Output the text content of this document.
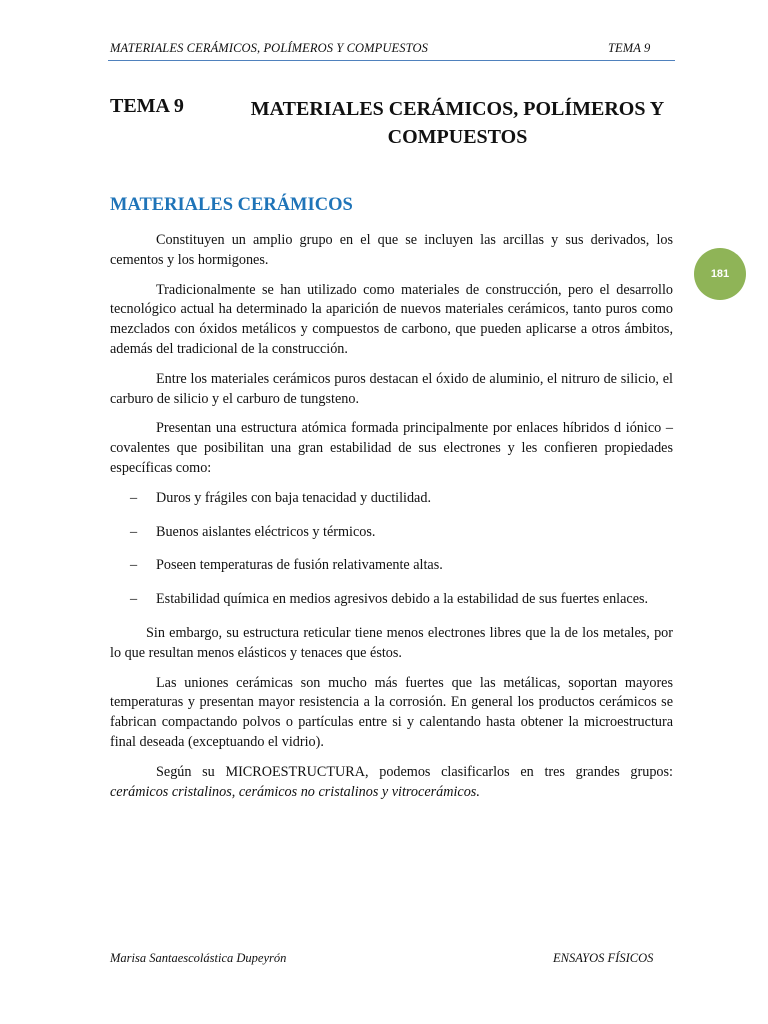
MATERIALES CERÁMICOS, POLÍMEROS Y COMPUESTOS	TEMA 9
TEMA 9	MATERIALES CERÁMICOS, POLÍMEROS Y COMPUESTOS
MATERIALES CERÁMICOS
181

Constituyen un amplio grupo en el que se incluyen las arcillas y sus derivados, los cementos y los hormigones.

Tradicionalmente se han utilizado como materiales de construcción, pero el desarrollo tecnológico actual ha determinado la aparición de nuevos materiales cerámicos, tanto puros como mezclados con óxidos metálicos y compuestos de carbono, que pueden aplicarse a otros ámbitos, además del tradicional de la construcción.

Entre los materiales cerámicos puros destacan el óxido de aluminio, el nitruro de silicio, el carburo de silicio y el carburo de tungsteno.

Presentan una estructura atómica formada principalmente por enlaces híbridos d iónico – covalentes que posibilitan una gran estabilidad de sus electrones y les confieren propiedades específicas como:

– Duros y frágiles con baja tenacidad y ductilidad.
– Buenos aislantes eléctricos y térmicos.
– Poseen temperaturas de fusión relativamente altas.
– Estabilidad química en medios agresivos debido a la estabilidad de sus fuertes enlaces.

Sin embargo, su estructura reticular tiene menos electrones libres que la de los metales, por lo que resultan menos elásticos y tenaces que éstos.

Las uniones cerámicas son mucho más fuertes que las metálicas, soportan mayores temperaturas y presentan mayor resistencia a la corrosión. En general los productos cerámicos se fabrican compactando polvos o partículas entre si y calentando hasta obtener la microestructura final deseada (exceptuando el vidrio).

Según su MICROESTRUCTURA, podemos clasificarlos en tres grandes grupos: cerámicos cristalinos, cerámicos no cristalinos y vitrocerámicos.

Marisa Santaescolástica Dupeyrón	ENSAYOS FÍSICOS
